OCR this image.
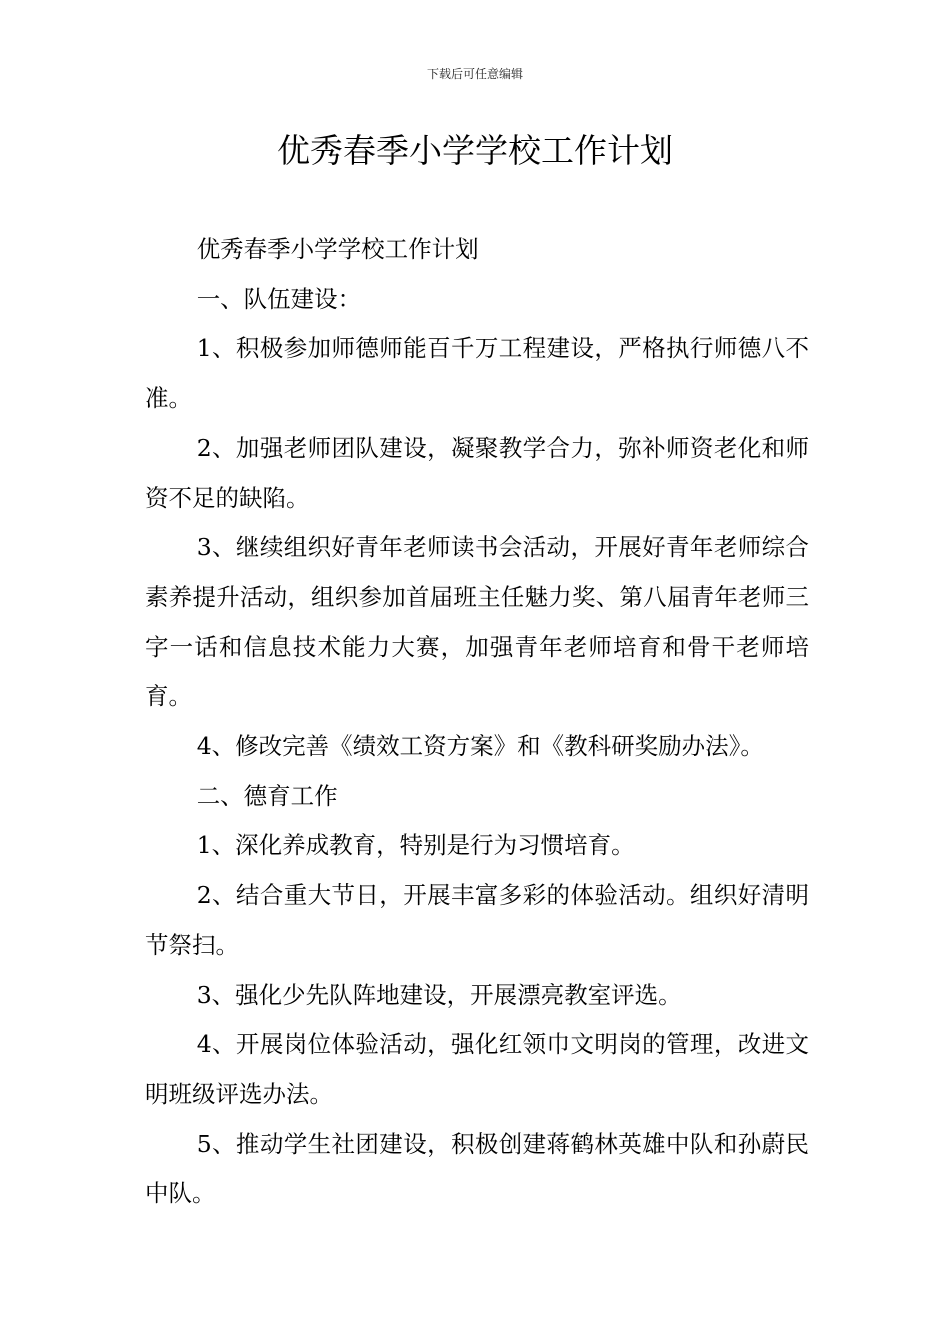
下载后可任意编辑
优秀春季小学学校工作计划

优秀春季小学学校工作计划

一、队伍建设：

1、积极参加师德师能百千万工程建设，严格执行师德八不准。

2、加强老师团队建设，凝聚教学合力，弥补师资老化和师资不足的缺陷。

3、继续组织好青年老师读书会活动，开展好青年老师综合素养提升活动，组织参加首届班主任魅力奖、第八届青年老师三字一话和信息技术能力大赛，加强青年老师培育和骨干老师培育。

4、修改完善《绩效工资方案》和《教科研奖励办法》。

二、德育工作

1、深化养成教育，特别是行为习惯培育。

2、结合重大节日，开展丰富多彩的体验活动。组织好清明节祭扫。

3、强化少先队阵地建设，开展漂亮教室评选。

4、开展岗位体验活动，强化红领巾文明岗的管理，改进文明班级评选办法。

5、推动学生社团建设，积极创建蒋鹤林英雄中队和孙蔚民中队。
